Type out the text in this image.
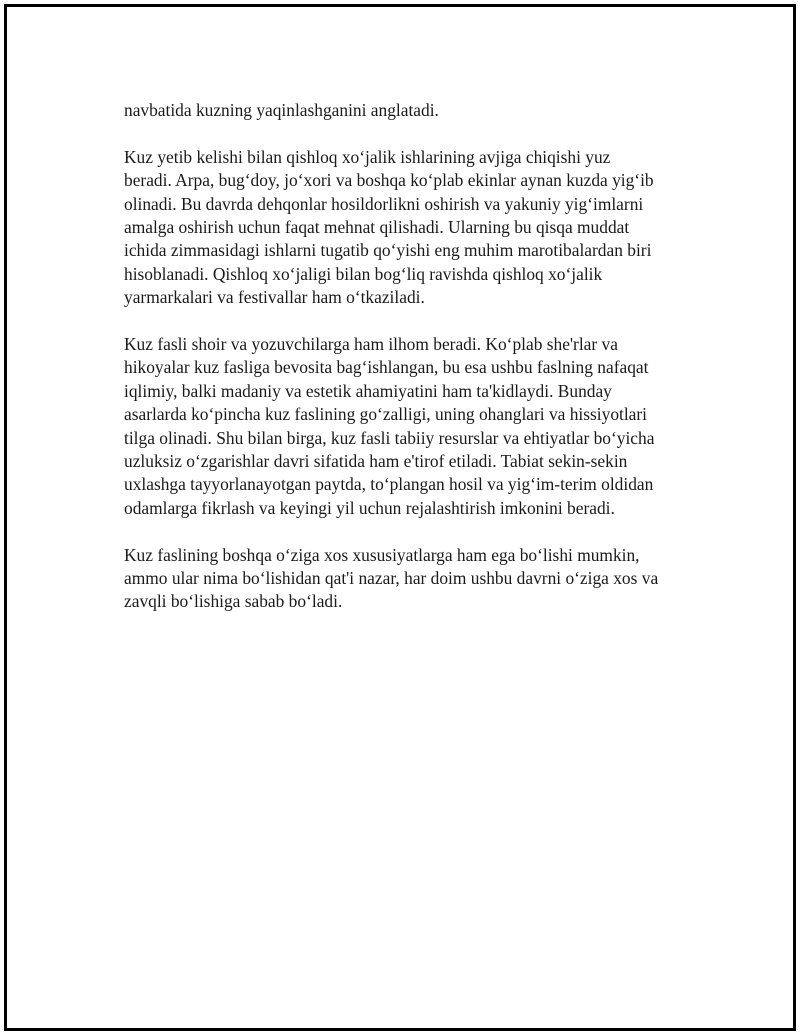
navbatida kuzning yaqinlashganini anglatadi.

Kuz yetib kelishi bilan qishloq xo‘jalik ishlarining avjiga chiqishi yuz
beradi. Arpa, bug‘doy, jo‘xori va boshqa ko‘plab ekinlar aynan kuzda yig‘ib
olinadi. Bu davrda dehqonlar hosildorlikni oshirish va yakuniy yig‘imlarni
amalga oshirish uchun faqat mehnat qilishadi. Ularning bu qisqa muddat
ichida zimmasidagi ishlarni tugatib qo‘yishi eng muhim marotibalardan biri
hisoblanadi. Qishloq xo‘jaligi bilan bog‘liq ravishda qishloq xo‘jalik
yarmarkalari va festivallar ham o‘tkaziladi.

Kuz fasli shoir va yozuvchilarga ham ilhom beradi. Ko‘plab she'rlar va
hikoyalar kuz fasliga bevosita bag‘ishlangan, bu esa ushbu faslning nafaqat
iqlimiy, balki madaniy va estetik ahamiyatini ham ta'kidlaydi. Bunday
asarlarda ko‘pincha kuz faslining go‘zalligi, uning ohanglari va hissiyotlari
tilga olinadi. Shu bilan birga, kuz fasli tabiiy resurslar va ehtiyatlar bo‘yicha
uzluksiz o‘zgarishlar davri sifatida ham e'tirof etiladi. Tabiat sekin-sekin
uxlashga tayyorlanayotgan paytda, to‘plangan hosil va yig‘im-terim oldidan
odamlarga fikrlash va keyingi yil uchun rejalashtirish imkonini beradi.

Kuz faslining boshqa o‘ziga xos xususiyatlarga ham ega bo‘lishi mumkin,
ammo ular nima bo‘lishidan qat'i nazar, har doim ushbu davrni o‘ziga xos va
zavqli bo‘lishiga sabab bo‘ladi.
